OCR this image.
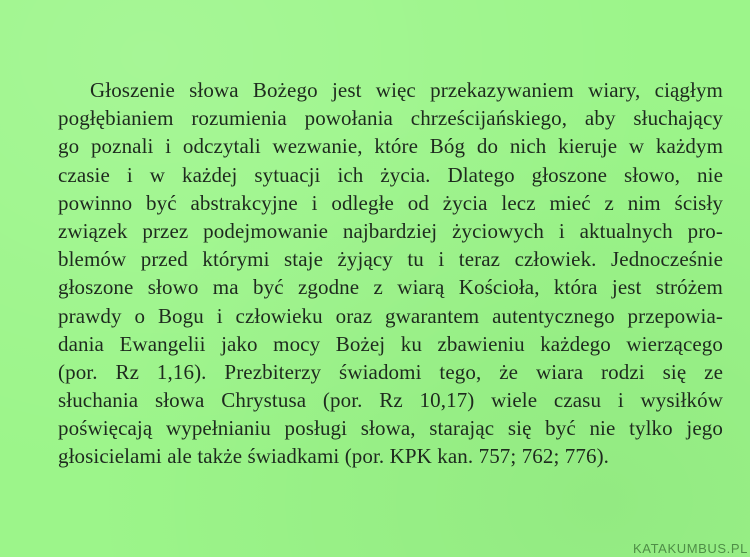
Głoszenie słowa Bożego jest więc przekazywaniem wiary, ciągłym
pogłębianiem rozumienia powołania chrześcijańskiego, aby słuchający
go poznali i odczytali wezwanie, które Bóg do nich kieruje w każdym
czasie i w każdej sytuacji ich życia. Dlatego głoszone słowo, nie
powinno być abstrakcyjne i odległe od życia lecz mieć z nim ścisły
związek przez podejmowanie najbardziej życiowych i aktualnych pro-
blemów przed którymi staje żyjący tu i teraz człowiek. Jednocześnie
głoszone słowo ma być zgodne z wiarą Kościoła, która jest stróżem
prawdy o Bogu i człowieku oraz gwarantem autentycznego przepowia-
dania Ewangelii jako mocy Bożej ku zbawieniu każdego wierzącego
(por. Rz 1,16). Prezbiterzy świadomi tego, że wiara rodzi się ze
słuchania słowa Chrystusa (por. Rz 10,17) wiele czasu i wysiłków
poświęcają wypełnianiu posługi słowa, starając się być nie tylko jego
głosicielami ale także świadkami (por. KPK kan. 757; 762; 776).
KATAKUMBUS.PL
